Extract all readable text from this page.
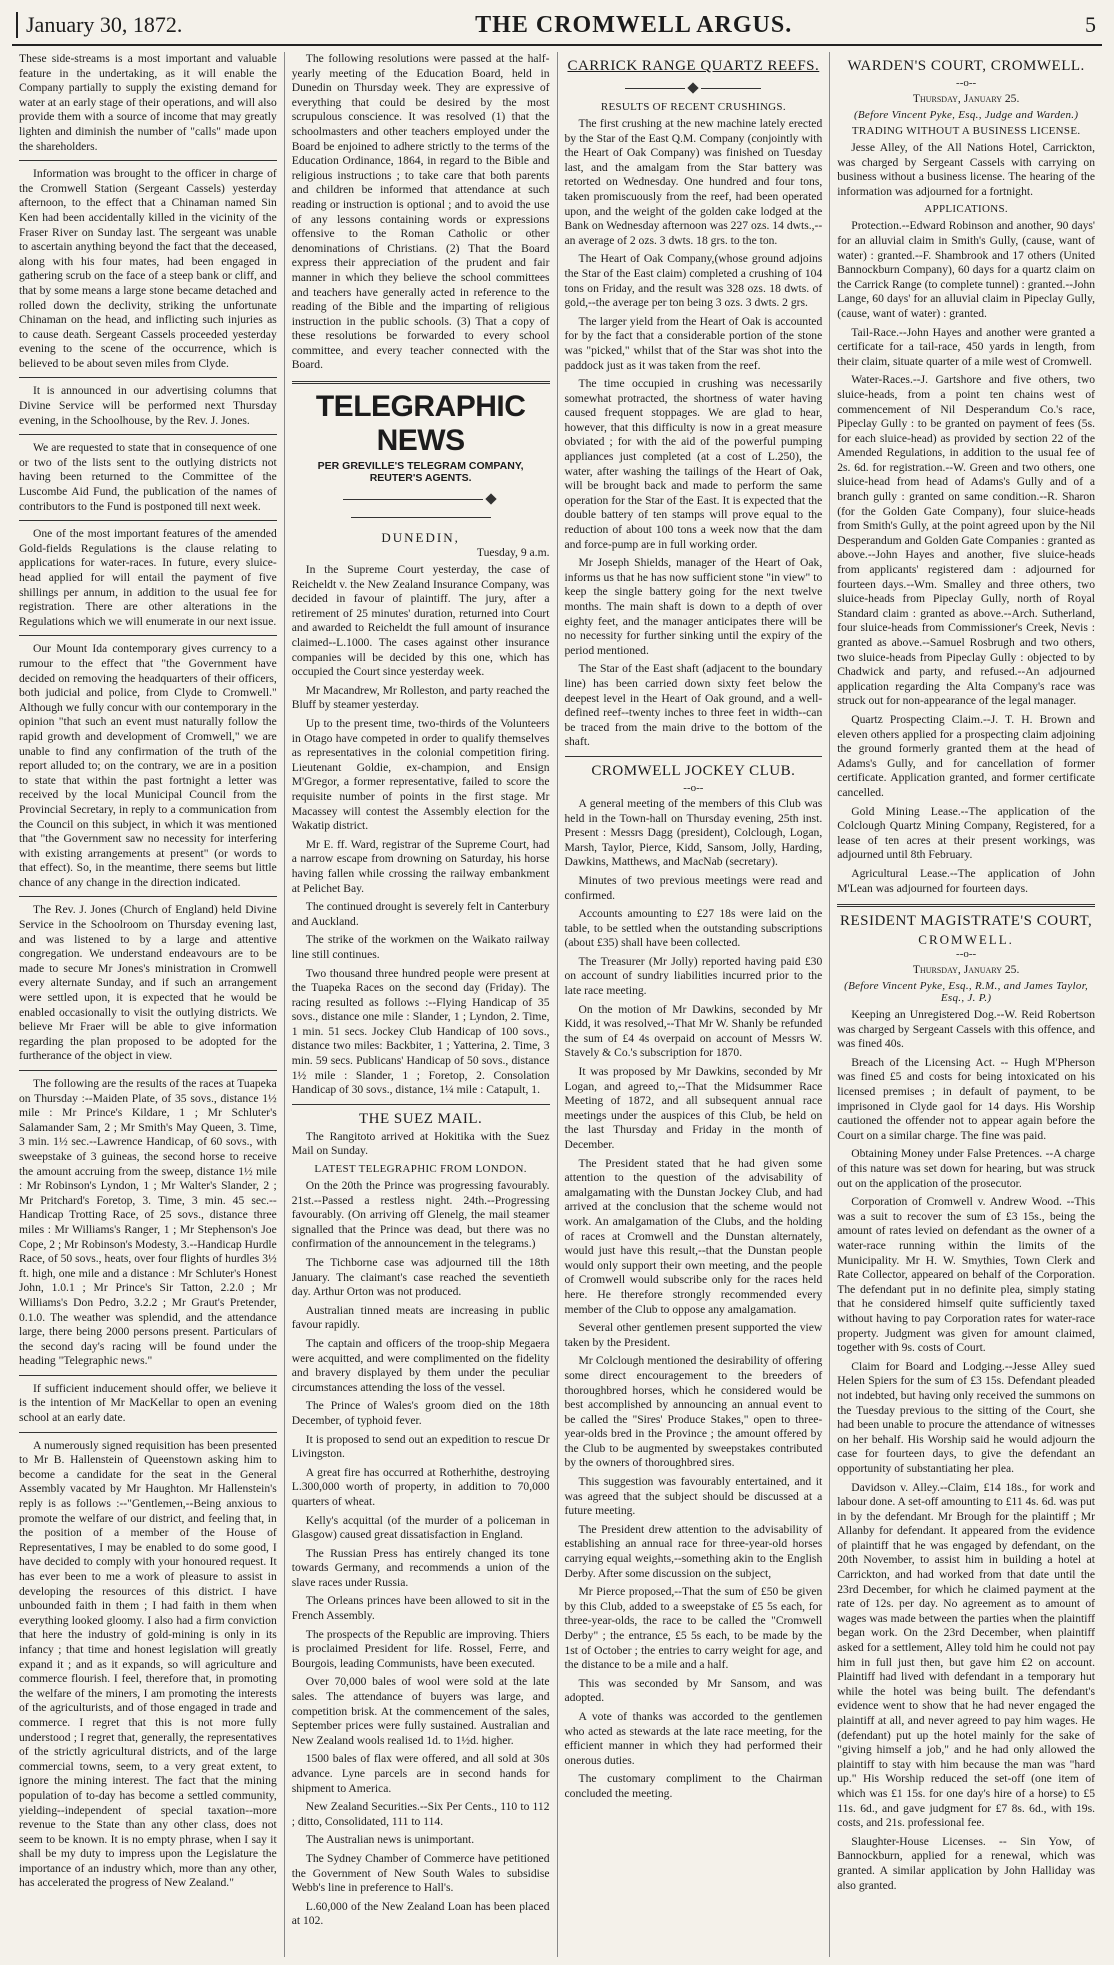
January 30, 1872.	THE CROMWELL ARGUS.	5

These side-streams is a most important and valuable feature in the undertaking, as it will enable the Company partially to supply the existing demand for water at an early stage of their operations, and will also provide them with a source of income that may greatly lighten and diminish the number of "calls" made upon the shareholders.

Information was brought to the officer in charge of the Cromwell Station (Sergeant Cassels) yesterday afternoon, to the effect that a Chinaman named Sin Ken had been accidentally killed in the vicinity of the Fraser River on Sunday last. The sergeant was unable to ascertain anything beyond the fact that the deceased, along with his four mates, had been engaged in gathering scrub on the face of a steep bank or cliff, and that by some means a large stone became detached and rolled down the declivity, striking the unfortunate Chinaman on the head, and inflicting such injuries as to cause death. Sergeant Cassels proceeded yesterday evening to the scene of the occurrence, which is believed to be about seven miles from Clyde.

It is announced in our advertising columns that Divine Service will be performed next Thursday evening, in the Schoolhouse, by the Rev. J. Jones.

We are requested to state that in consequence of one or two of the lists sent to the outlying districts not having been returned to the Committee of the Luscombe Aid Fund, the publication of the names of contributors to the Fund is postponed till next week.

One of the most important features of the amended Gold-fields Regulations is the clause relating to applications for water-races. In future, every sluice-head applied for will entail the payment of five shillings per annum, in addition to the usual fee for registration. There are other alterations in the Regulations which we will enumerate in our next issue.

Our Mount Ida contemporary gives currency to a rumour to the effect that "the Government have decided on removing the headquarters of their officers, both judicial and police, from Clyde to Cromwell." Although we fully concur with our contemporary in the opinion "that such an event must naturally follow the rapid growth and development of Cromwell," we are unable to find any confirmation of the truth of the report alluded to; on the contrary, we are in a position to state that within the past fortnight a letter was received by the local Municipal Council from the Provincial Secretary, in reply to a communication from the Council on this subject, in which it was mentioned that "the Government saw no necessity for interfering with existing arrangements at present" (or words to that effect). So, in the meantime, there seems but little chance of any change in the direction indicated.

The Rev. J. Jones (Church of England) held Divine Service in the Schoolroom on Thursday evening last, and was listened to by a large and attentive congregation. We understand endeavours are to be made to secure Mr Jones's ministration in Cromwell every alternate Sunday, and if such an arrangement were settled upon, it is expected that he would be enabled occasionally to visit the outlying districts. We believe Mr Fraer will be able to give information regarding the plan proposed to be adopted for the furtherance of the object in view.

The following are the results of the races at Tuapeka on Thursday :--Maiden Plate, of 35 sovs., distance 1½ mile : Mr Prince's Kildare, 1 ; Mr Schluter's Salamander Sam, 2 ; Mr Smith's May Queen, 3. Time, 3 min. 1½ sec.--Lawrence Handicap, of 60 sovs., with sweepstake of 3 guineas, the second horse to receive the amount accruing from the sweep, distance 1½ mile : Mr Robinson's Lyndon, 1 ; Mr Walter's Slander, 2 ; Mr Pritchard's Foretop, 3. Time, 3 min. 45 sec.--Handicap Trotting Race, of 25 sovs., distance three miles : Mr Williams's Ranger, 1 ; Mr Stephenson's Joe Cope, 2 ; Mr Robinson's Modesty, 3.--Handicap Hurdle Race, of 50 sovs., heats, over four flights of hurdles 3½ ft. high, one mile and a distance : Mr Schluter's Honest John, 1.0.1 ; Mr Prince's Sir Tatton, 2.2.0 ; Mr Williams's Don Pedro, 3.2.2 ; Mr Graut's Pretender, 0.1.0. The weather was splendid, and the attendance large, there being 2000 persons present. Particulars of the second day's racing will be found under the heading "Telegraphic news."

If sufficient inducement should offer, we believe it is the intention of Mr MacKellar to open an evening school at an early date.

A numerously signed requisition has been presented to Mr B. Hallenstein of Queenstown asking him to become a candidate for the seat in the General Assembly vacated by Mr Haughton. Mr Hallenstein's reply is as follows :--"Gentlemen,--Being anxious to promote the welfare of our district, and feeling that, in the position of a member of the House of Representatives, I may be enabled to do some good, I have decided to comply with your honoured request. It has ever been to me a work of pleasure to assist in developing the resources of this district. I have unbounded faith in them ; I had faith in them when everything looked gloomy. I also had a firm conviction that here the industry of gold-mining is only in its infancy ; that time and honest legislation will greatly expand it ; and as it expands, so will agriculture and commerce flourish. I feel, therefore that, in promoting the welfare of the miners, I am promoting the interests of the agriculturists, and of those engaged in trade and commerce. I regret that this is not more fully understood ; I regret that, generally, the representatives of the strictly agricultural districts, and of the large commercial towns, seem, to a very great extent, to ignore the mining interest. The fact that the mining population of to-day has become a settled community, yielding--independent of special taxation--more revenue to the State than any other class, does not seem to be known. It is no empty phrase, when I say it shall be my duty to impress upon the Legislature the importance of an industry which, more than any other, has accelerated the progress of New Zealand."

The following resolutions were passed at the half-yearly meeting of the Education Board, held in Dunedin on Thursday week. They are expressive of everything that could be desired by the most scrupulous conscience. It was resolved (1) that the schoolmasters and other teachers employed under the Board be enjoined to adhere strictly to the terms of the Education Ordinance, 1864, in regard to the Bible and religious instructions ; to take care that both parents and children be informed that attendance at such reading or instruction is optional ; and to avoid the use of any lessons containing words or expressions offensive to the Roman Catholic or other denominations of Christians. (2) That the Board express their appreciation of the prudent and fair manner in which they believe the school committees and teachers have generally acted in reference to the reading of the Bible and the imparting of religious instruction in the public schools. (3) That a copy of these resolutions be forwarded to every school committee, and every teacher connected with the Board.

TELEGRAPHIC NEWS
PER GREVILLE'S TELEGRAM COMPANY, REUTER'S AGENTS.
DUNEDIN,
Tuesday, 9 a.m.

In the Supreme Court yesterday, the case of Reicheldt v. the New Zealand Insurance Company, was decided in favour of plaintiff. The jury, after a retirement of 25 minutes' duration, returned into Court and awarded to Reicheldt the full amount of insurance claimed--L.1000. The cases against other insurance companies will be decided by this one, which has occupied the Court since yesterday week.

Mr Macandrew, Mr Rolleston, and party reached the Bluff by steamer yesterday.

Up to the present time, two-thirds of the Volunteers in Otago have competed in order to qualify themselves as representatives in the colonial competition firing. Lieutenant Goldie, ex-champion, and Ensign M'Gregor, a former representative, failed to score the requisite number of points in the first stage. Mr Macassey will contest the Assembly election for the Wakatip district.

Mr E. ff. Ward, registrar of the Supreme Court, had a narrow escape from drowning on Saturday, his horse having fallen while crossing the railway embankment at Pelichet Bay.

The continued drought is severely felt in Canterbury and Auckland.

The strike of the workmen on the Waikato railway line still continues.

Two thousand three hundred people were present at the Tuapeka Races on the second day (Friday). The racing resulted as follows :--Flying Handicap of 35 sovs., distance one mile : Slander, 1 ; Lyndon, 2. Time, 1 min. 51 secs. Jockey Club Handicap of 100 sovs., distance two miles: Backbiter, 1 ; Yatterina, 2. Time, 3 min. 59 secs. Publicans' Handicap of 50 sovs., distance 1½ mile : Slander, 1 ; Foretop, 2. Consolation Handicap of 30 sovs., distance, 1¼ mile : Catapult, 1.

THE SUEZ MAIL.

The Rangitoto arrived at Hokitika with the Suez Mail on Sunday.

LATEST TELEGRAPHIC FROM LONDON.

On the 20th the Prince was progressing favourably. 21st.--Passed a restless night. 24th.--Progressing favourably. (On arriving off Glenelg, the mail steamer signalled that the Prince was dead, but there was no confirmation of the announcement in the telegrams.)

The Tichborne case was adjourned till the 18th January. The claimant's case reached the seventieth day. Arthur Orton was not produced.

Australian tinned meats are increasing in public favour rapidly.

The captain and officers of the troop-ship Megaera were acquitted, and were complimented on the fidelity and bravery displayed by them under the peculiar circumstances attending the loss of the vessel.

The Prince of Wales's groom died on the 18th December, of typhoid fever.

It is proposed to send out an expedition to rescue Dr Livingston.

A great fire has occurred at Rotherhithe, destroying L.300,000 worth of property, in addition to 70,000 quarters of wheat.

Kelly's acquittal (of the murder of a policeman in Glasgow) caused great dissatisfaction in England.

The Russian Press has entirely changed its tone towards Germany, and recommends a union of the slave races under Russia.

The Orleans princes have been allowed to sit in the French Assembly.

The prospects of the Republic are improving. Thiers is proclaimed President for life. Rossel, Ferre, and Bourgois, leading Communists, have been executed.

Over 70,000 bales of wool were sold at the late sales. The attendance of buyers was large, and competition brisk. At the commencement of the sales, September prices were fully sustained. Australian and New Zealand wools realised 1d. to 1½d. higher.

1500 bales of flax were offered, and all sold at 30s advance. Lyne parcels are in second hands for shipment to America.

New Zealand Securities.--Six Per Cents., 110 to 112 ; ditto, Consolidated, 111 to 114.

The Australian news is unimportant.

The Sydney Chamber of Commerce have petitioned the Government of New South Wales to subsidise Webb's line in preference to Hall's.

L.60,000 of the New Zealand Loan has been placed at 102.

CARRICK RANGE QUARTZ REEFS.
RESULTS OF RECENT CRUSHINGS.

The first crushing at the new machine lately erected by the Star of the East Q.M. Company (conjointly with the Heart of Oak Company) was finished on Tuesday last, and the amalgam from the Star battery was retorted on Wednesday. One hundred and four tons, taken promiscuously from the reef, had been operated upon, and the weight of the golden cake lodged at the Bank on Wednesday afternoon was 227 ozs. 14 dwts.,--an average of 2 ozs. 3 dwts. 18 grs. to the ton.

The Heart of Oak Company,(whose ground adjoins the Star of the East claim) completed a crushing of 104 tons on Friday, and the result was 328 ozs. 18 dwts. of gold,--the average per ton being 3 ozs. 3 dwts. 2 grs.

The larger yield from the Heart of Oak is accounted for by the fact that a considerable portion of the stone was "picked," whilst that of the Star was shot into the paddock just as it was taken from the reef.

The time occupied in crushing was necessarily somewhat protracted, the shortness of water having caused frequent stoppages. We are glad to hear, however, that this difficulty is now in a great measure obviated ; for with the aid of the powerful pumping appliances just completed (at a cost of L.250), the water, after washing the tailings of the Heart of Oak, will be brought back and made to perform the same operation for the Star of the East. It is expected that the double battery of ten stamps will prove equal to the reduction of about 100 tons a week now that the dam and force-pump are in full working order.

Mr Joseph Shields, manager of the Heart of Oak, informs us that he has now sufficient stone "in view" to keep the single battery going for the next twelve months. The main shaft is down to a depth of over eighty feet, and the manager anticipates there will be no necessity for further sinking until the expiry of the period mentioned.

The Star of the East shaft (adjacent to the boundary line) has been carried down sixty feet below the deepest level in the Heart of Oak ground, and a well-defined reef--twenty inches to three feet in width--can be traced from the main drive to the bottom of the shaft.

CROMWELL JOCKEY CLUB.
--o--

A general meeting of the members of this Club was held in the Town-hall on Thursday evening, 25th inst. Present : Messrs Dagg (president), Colclough, Logan, Marsh, Taylor, Pierce, Kidd, Sansom, Jolly, Harding, Dawkins, Matthews, and MacNab (secretary).

Minutes of two previous meetings were read and confirmed.

Accounts amounting to £27 18s were laid on the table, to be settled when the outstanding subscriptions (about £35) shall have been collected.

The Treasurer (Mr Jolly) reported having paid £30 on account of sundry liabilities incurred prior to the late race meeting.

On the motion of Mr Dawkins, seconded by Mr Kidd, it was resolved,--That Mr W. Shanly be refunded the sum of £4 4s overpaid on account of Messrs W. Stavely & Co.'s subscription for 1870.

It was proposed by Mr Dawkins, seconded by Mr Logan, and agreed to,--That the Midsummer Race Meeting of 1872, and all subsequent annual race meetings under the auspices of this Club, be held on the last Thursday and Friday in the month of December.

The President stated that he had given some attention to the question of the advisability of amalgamating with the Dunstan Jockey Club, and had arrived at the conclusion that the scheme would not work. An amalgamation of the Clubs, and the holding of races at Cromwell and the Dunstan alternately, would just have this result,--that the Dunstan people would only support their own meeting, and the people of Cromwell would subscribe only for the races held here. He therefore strongly recommended every member of the Club to oppose any amalgamation.

Several other gentlemen present supported the view taken by the President.

Mr Colclough mentioned the desirability of offering some direct encouragement to the breeders of thoroughbred horses, which he considered would be best accomplished by announcing an annual event to be called the "Sires' Produce Stakes," open to three-year-olds bred in the Province ; the amount offered by the Club to be augmented by sweepstakes contributed by the owners of thoroughbred sires.

This suggestion was favourably entertained, and it was agreed that the subject should be discussed at a future meeting.

The President drew attention to the advisability of establishing an annual race for three-year-old horses carrying equal weights,--something akin to the English Derby. After some discussion on the subject,

Mr Pierce proposed,--That the sum of £50 be given by this Club, added to a sweepstake of £5 5s each, for three-year-olds, the race to be called the "Cromwell Derby" ; the entrance, £5 5s each, to be made by the 1st of October ; the entries to carry weight for age, and the distance to be a mile and a half.

This was seconded by Mr Sansom, and was adopted.

A vote of thanks was accorded to the gentlemen who acted as stewards at the late race meeting, for the efficient manner in which they had performed their onerous duties.

The customary compliment to the Chairman concluded the meeting.

WARDEN'S COURT, CROMWELL.
--o--
Thursday, January 25.
(Before Vincent Pyke, Esq., Judge and Warden.)
TRADING WITHOUT A BUSINESS LICENSE.

Jesse Alley, of the All Nations Hotel, Carrickton, was charged by Sergeant Cassels with carrying on business without a business license. The hearing of the information was adjourned for a fortnight.

APPLICATIONS.

Protection.--Edward Robinson and another, 90 days' for an alluvial claim in Smith's Gully, (cause, want of water) : granted.--F. Shambrook and 17 others (United Bannockburn Company), 60 days for a quartz claim on the Carrick Range (to complete tunnel) : granted.--John Lange, 60 days' for an alluvial claim in Pipeclay Gully, (cause, want of water) : granted.

Tail-Race.--John Hayes and another were granted a certificate for a tail-race, 450 yards in length, from their claim, situate quarter of a mile west of Cromwell.

Water-Races.--J. Gartshore and five others, two sluice-heads, from a point ten chains west of commencement of Nil Desperandum Co.'s race, Pipeclay Gully : to be granted on payment of fees (5s. for each sluice-head) as provided by section 22 of the Amended Regulations, in addition to the usual fee of 2s. 6d. for registration.--W. Green and two others, one sluice-head from head of Adams's Gully and of a branch gully : granted on same condition.--R. Sharon (for the Golden Gate Company), four sluice-heads from Smith's Gully, at the point agreed upon by the Nil Desperandum and Golden Gate Companies : granted as above.--John Hayes and another, five sluice-heads from applicants' registered dam : adjourned for fourteen days.--Wm. Smalley and three others, two sluice-heads from Pipeclay Gully, north of Royal Standard claim : granted as above.--Arch. Sutherland, four sluice-heads from Commissioner's Creek, Nevis : granted as above.--Samuel Rosbrugh and two others, two sluice-heads from Pipeclay Gully : objected to by Chadwick and party, and refused.--An adjourned application regarding the Alta Company's race was struck out for non-appearance of the legal manager.

Quartz Prospecting Claim.--J. T. H. Brown and eleven others applied for a prospecting claim adjoining the ground formerly granted them at the head of Adams's Gully, and for cancellation of former certificate. Application granted, and former certificate cancelled.

Gold Mining Lease.--The application of the Colclough Quartz Mining Company, Registered, for a lease of ten acres at their present workings, was adjourned until 8th February.

Agricultural Lease.--The application of John M'Lean was adjourned for fourteen days.

RESIDENT MAGISTRATE'S COURT,
CROMWELL.
--o--
Thursday, January 25.
(Before Vincent Pyke, Esq., R.M., and James Taylor, Esq., J. P.)

Keeping an Unregistered Dog.--W. Reid Robertson was charged by Sergeant Cassels with this offence, and was fined 40s.

Breach of the Licensing Act. -- Hugh M'Pherson was fined £5 and costs for being intoxicated on his licensed premises ; in default of payment, to be imprisoned in Clyde gaol for 14 days. His Worship cautioned the offender not to appear again before the Court on a similar charge. The fine was paid.

Obtaining Money under False Pretences. --A charge of this nature was set down for hearing, but was struck out on the application of the prosecutor.

Corporation of Cromwell v. Andrew Wood. --This was a suit to recover the sum of £3 15s., being the amount of rates levied on defendant as the owner of a water-race running within the limits of the Municipality. Mr H. W. Smythies, Town Clerk and Rate Collector, appeared on behalf of the Corporation. The defendant put in no definite plea, simply stating that he considered himself quite sufficiently taxed without having to pay Corporation rates for water-race property. Judgment was given for amount claimed, together with 9s. costs of Court.

Claim for Board and Lodging.--Jesse Alley sued Helen Spiers for the sum of £3 15s. Defendant pleaded not indebted, but having only received the summons on the Tuesday previous to the sitting of the Court, she had been unable to procure the attendance of witnesses on her behalf. His Worship said he would adjourn the case for fourteen days, to give the defendant an opportunity of substantiating her plea.

Davidson v. Alley.--Claim, £14 18s., for work and labour done. A set-off amounting to £11 4s. 6d. was put in by the defendant. Mr Brough for the plaintiff ; Mr Allanby for defendant. It appeared from the evidence of plaintiff that he was engaged by defendant, on the 20th November, to assist him in building a hotel at Carrickton, and had worked from that date until the 23rd December, for which he claimed payment at the rate of 12s. per day. No agreement as to amount of wages was made between the parties when the plaintiff began work. On the 23rd December, when plaintiff asked for a settlement, Alley told him he could not pay him in full just then, but gave him £2 on account. Plaintiff had lived with defendant in a temporary hut while the hotel was being built. The defendant's evidence went to show that he had never engaged the plaintiff at all, and never agreed to pay him wages. He (defendant) put up the hotel mainly for the sake of "giving himself a job," and he had only allowed the plaintiff to stay with him because the man was "hard up." His Worship reduced the set-off (one item of which was £1 15s. for one day's hire of a horse) to £5 11s. 6d., and gave judgment for £7 8s. 6d., with 19s. costs, and 21s. professional fee.

Slaughter-House Licenses. -- Sin Yow, of Bannockburn, applied for a renewal, which was granted. A similar application by John Halliday was also granted.
